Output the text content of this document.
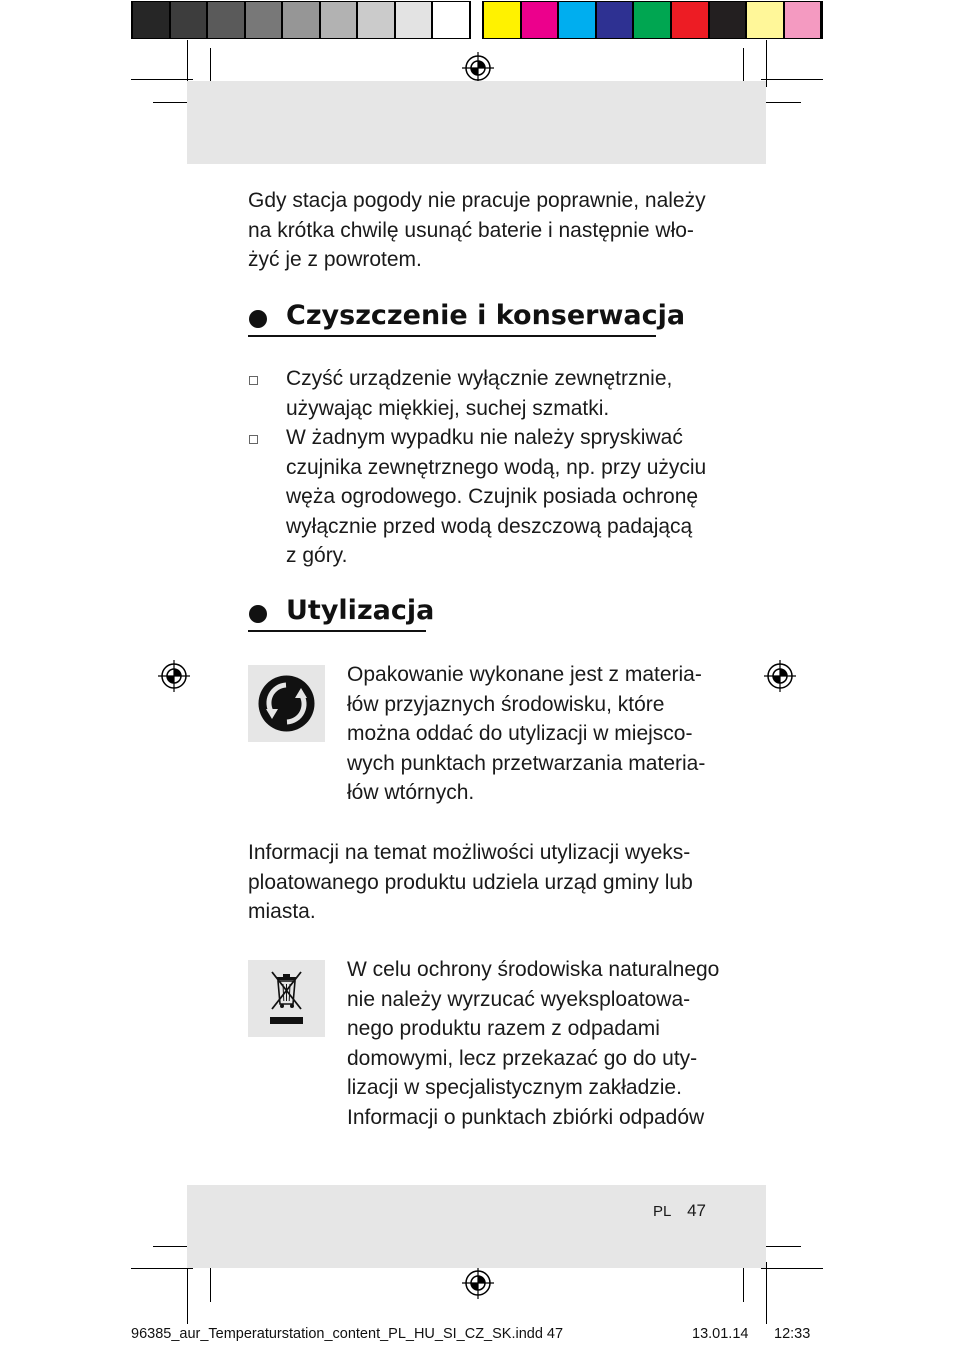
Gdy stacja pogody nie pracuje poprawnie, należy
na krótka chwilę usunąć baterie i następnie wło-
żyć je z powrotem.
Czyszczenie i konserwacja
Czyść urządzenie wyłącznie zewnętrznie,
używając miękkiej, suchej szmatki.
W żadnym wypadku nie należy spryskiwać
czujnika zewnętrznego wodą, np. przy użyciu
węża ogrodowego. Czujnik posiada ochronę
wyłącznie przed wodą deszczową padającą
z góry.
Utylizacja
Opakowanie wykonane jest z materia-
łów przyjaznych środowisku, które
można oddać do utylizacji w miejsco-
wych punktach przetwarzania materia-
łów wtórnych.
Informacji na temat możliwości utylizacji wyeks-
ploatowanego produktu udziela urząd gminy lub
miasta.
W celu ochrony środowiska naturalnego
nie należy wyrzucać wyeksploatowa-
nego produktu razem z odpadami
domowymi, lecz przekazać go do uty-
lizacji w specjalistycznym zakładzie.
Informacji o punktach zbiórki odpadów
PL 47
96385_aur_Temperaturstation_content_PL_HU_SI_CZ_SK.indd 47	13.01.14 12:33
